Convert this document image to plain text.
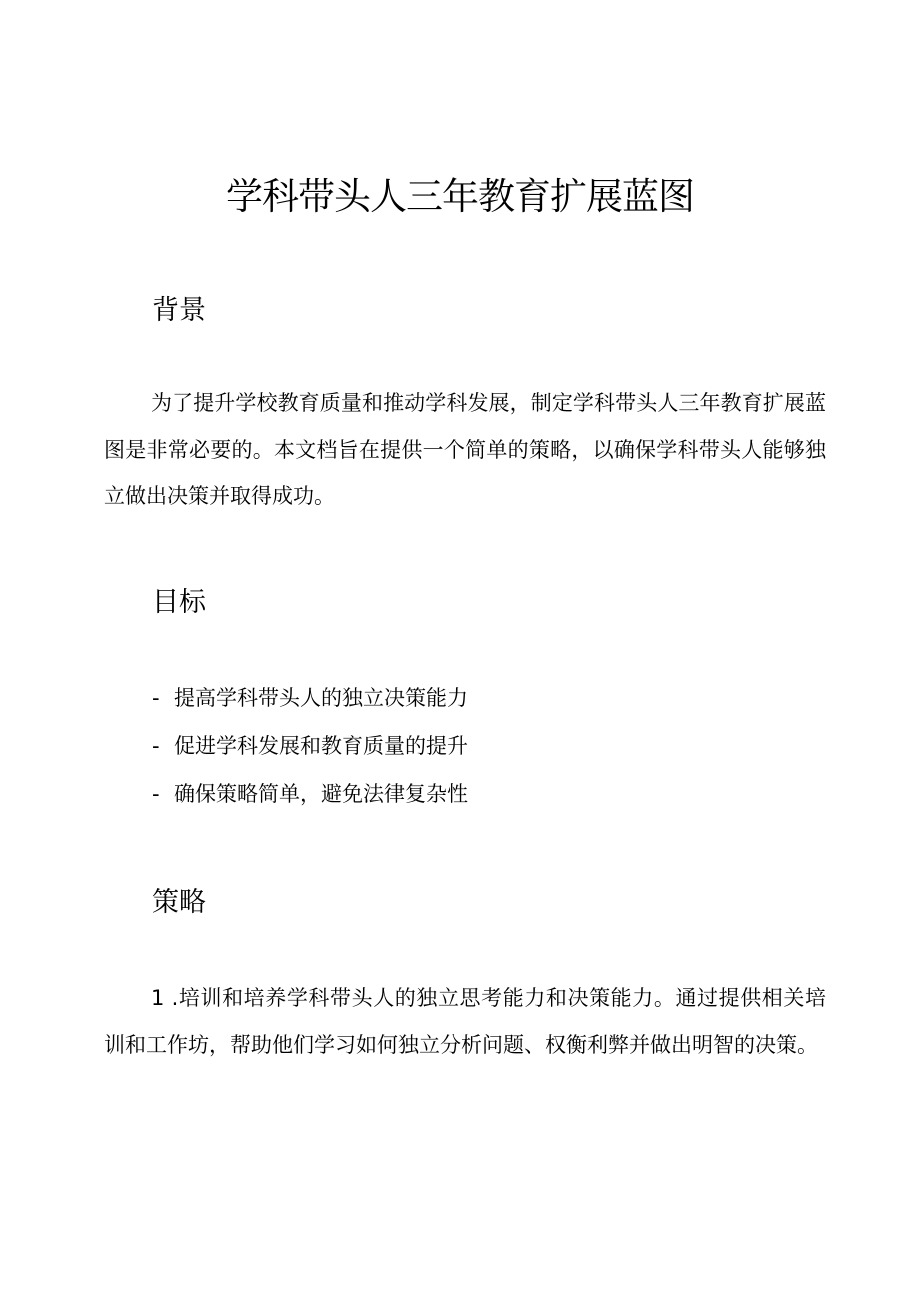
学科带头人三年教育扩展蓝图
背景

为了提升学校教育质量和推动学科发展，制定学科带头人三年教育扩展蓝图是非常必要的。本文档旨在提供一个简单的策略，以确保学科带头人能够独立做出决策并取得成功。

目标
- 提高学科带头人的独立决策能力
- 促进学科发展和教育质量的提升
- 确保策略简单，避免法律复杂性
策略

1 .培训和培养学科带头人的独立思考能力和决策能力。通过提供相关培训和工作坊，帮助他们学习如何独立分析问题、权衡利弊并做出明智的决策。
